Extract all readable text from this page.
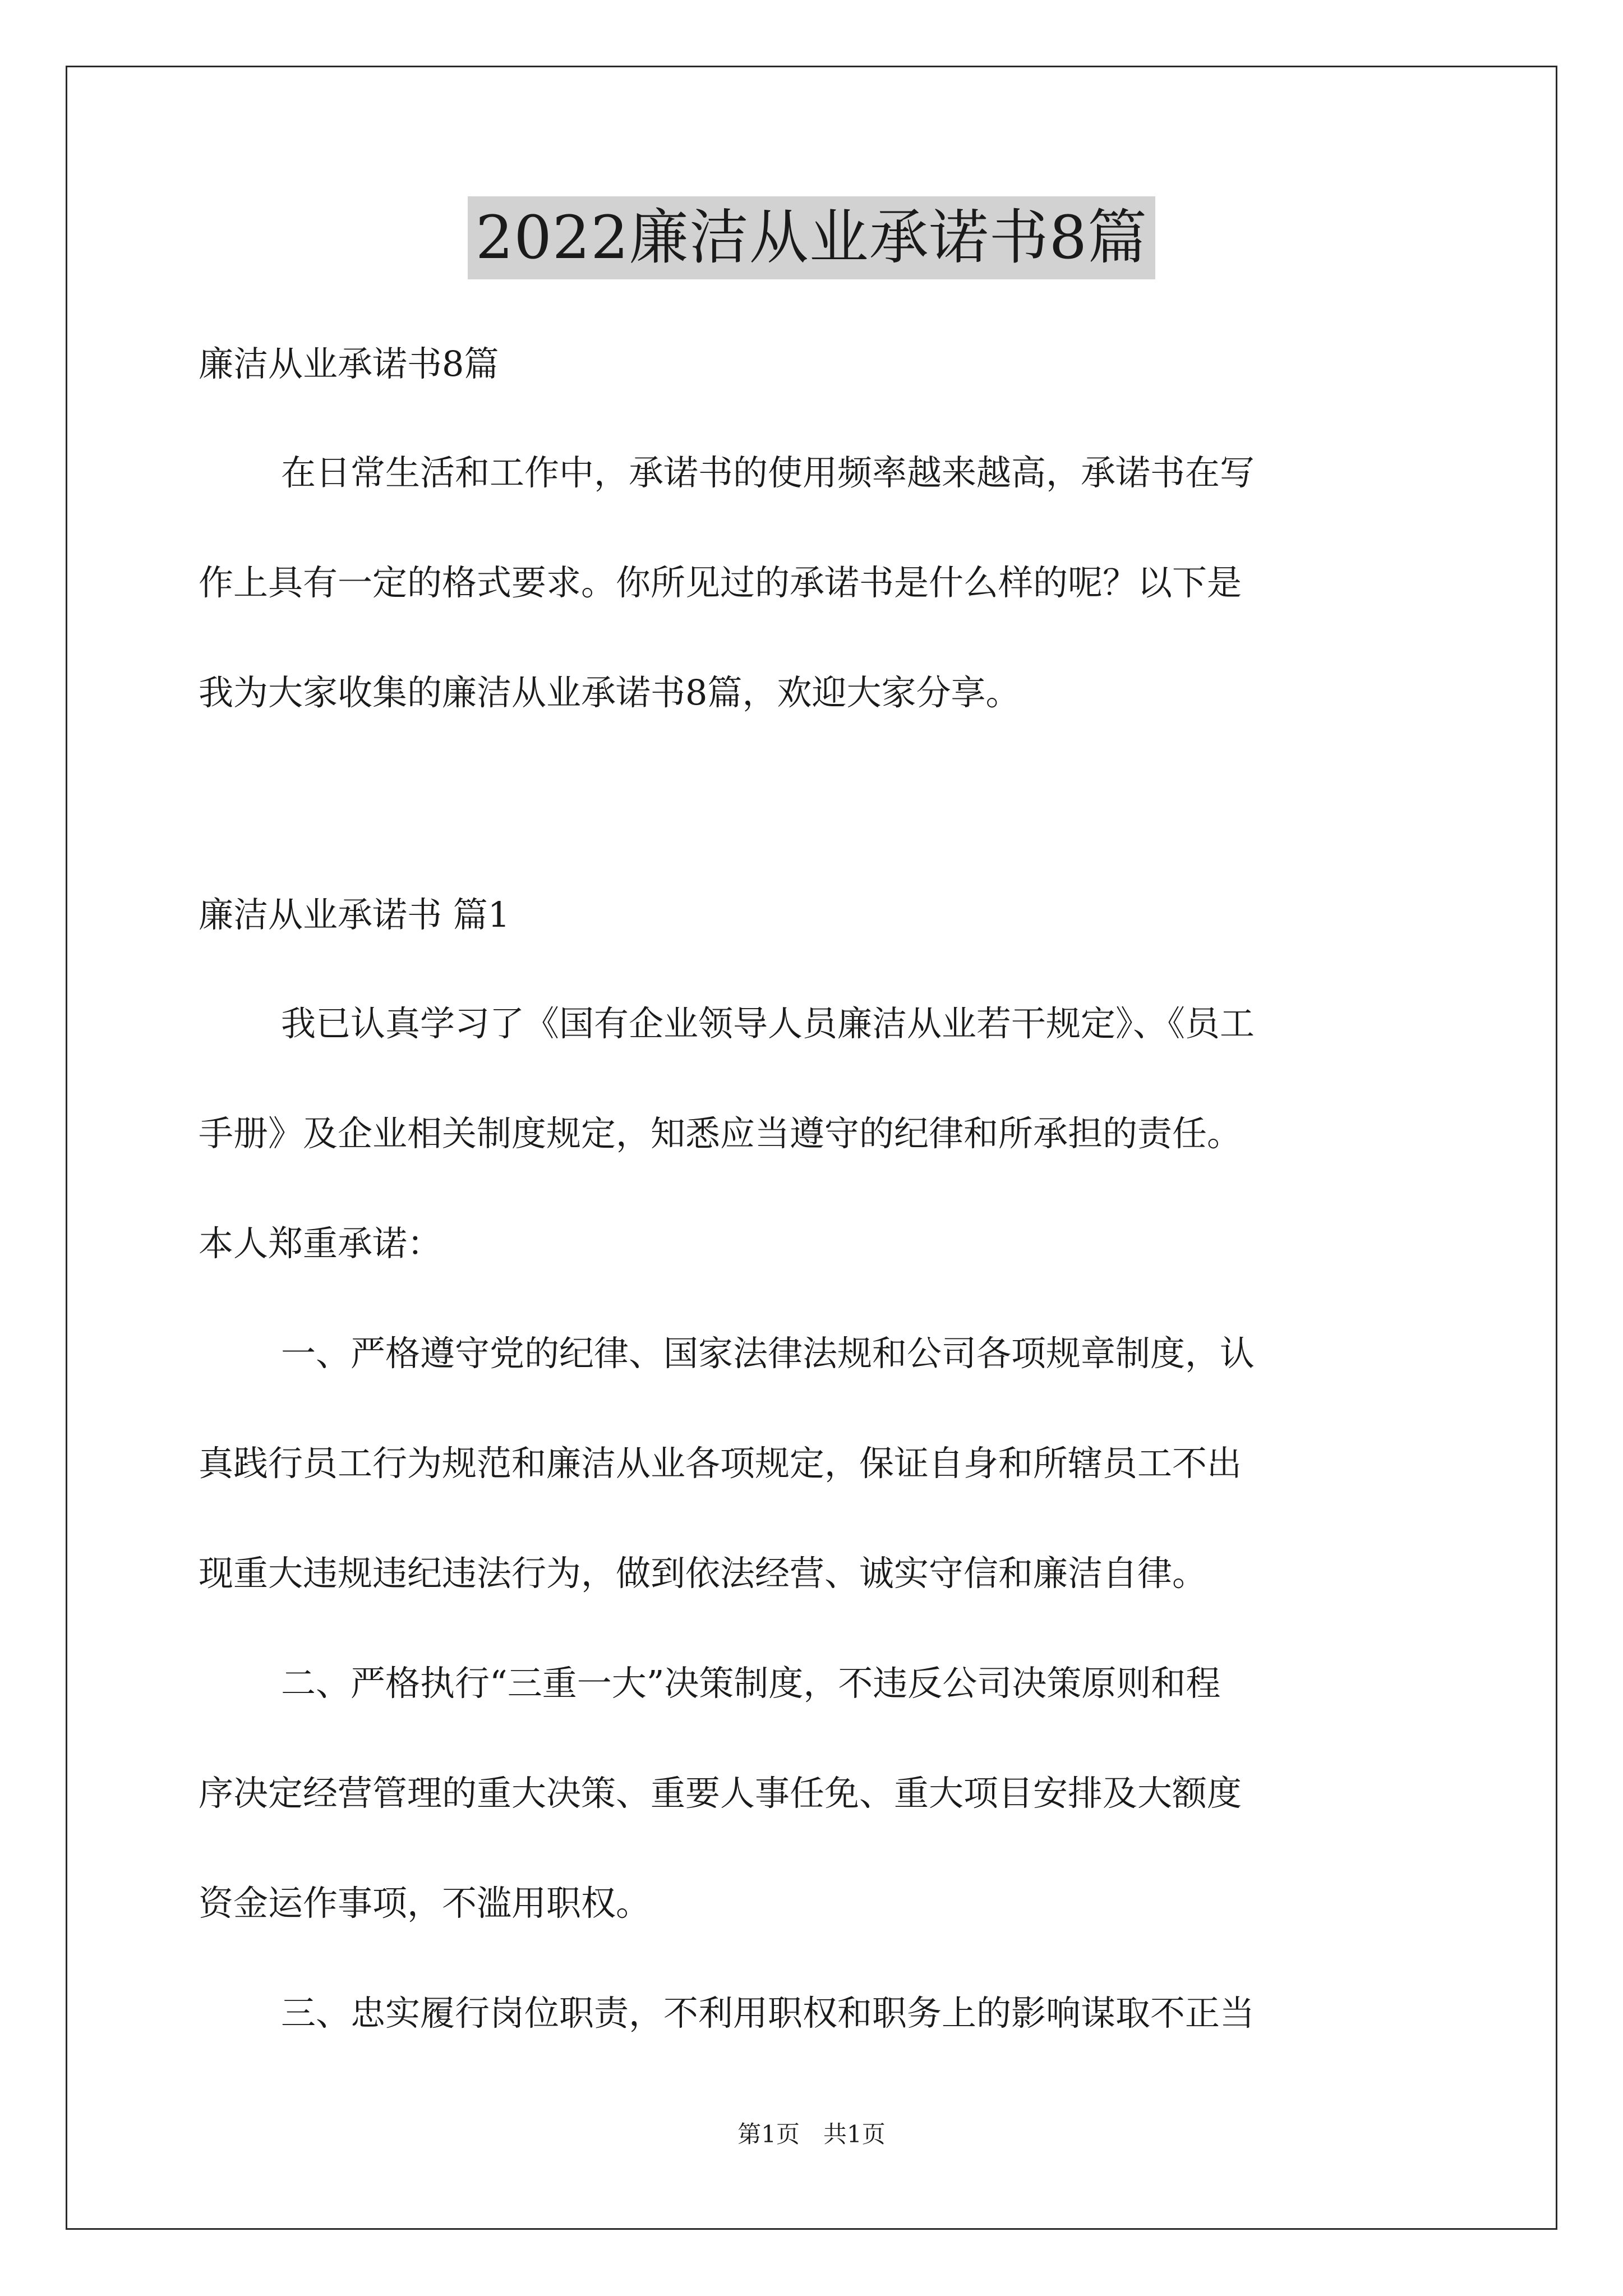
2022廉洁从业承诺书8篇
廉洁从业承诺书8篇
在日常生活和工作中，承诺书的使用频率越来越高，承诺书在写
作上具有一定的格式要求。你所见过的承诺书是什么样的呢？以下是
我为大家收集的廉洁从业承诺书8篇，欢迎大家分享。
廉洁从业承诺书 篇1
我已认真学习了《国有企业领导人员廉洁从业若干规定》、《员工
手册》及企业相关制度规定，知悉应当遵守的纪律和所承担的责任。
本人郑重承诺：
一、严格遵守党的纪律、国家法律法规和公司各项规章制度，认
真践行员工行为规范和廉洁从业各项规定，保证自身和所辖员工不出
现重大违规违纪违法行为，做到依法经营、诚实守信和廉洁自律。
二、严格执行“三重一大”决策制度，不违反公司决策原则和程
序决定经营管理的重大决策、重要人事任免、重大项目安排及大额度
资金运作事项，不滥用职权。
三、忠实履行岗位职责，不利用职权和职务上的影响谋取不正当
第1页　共1页
